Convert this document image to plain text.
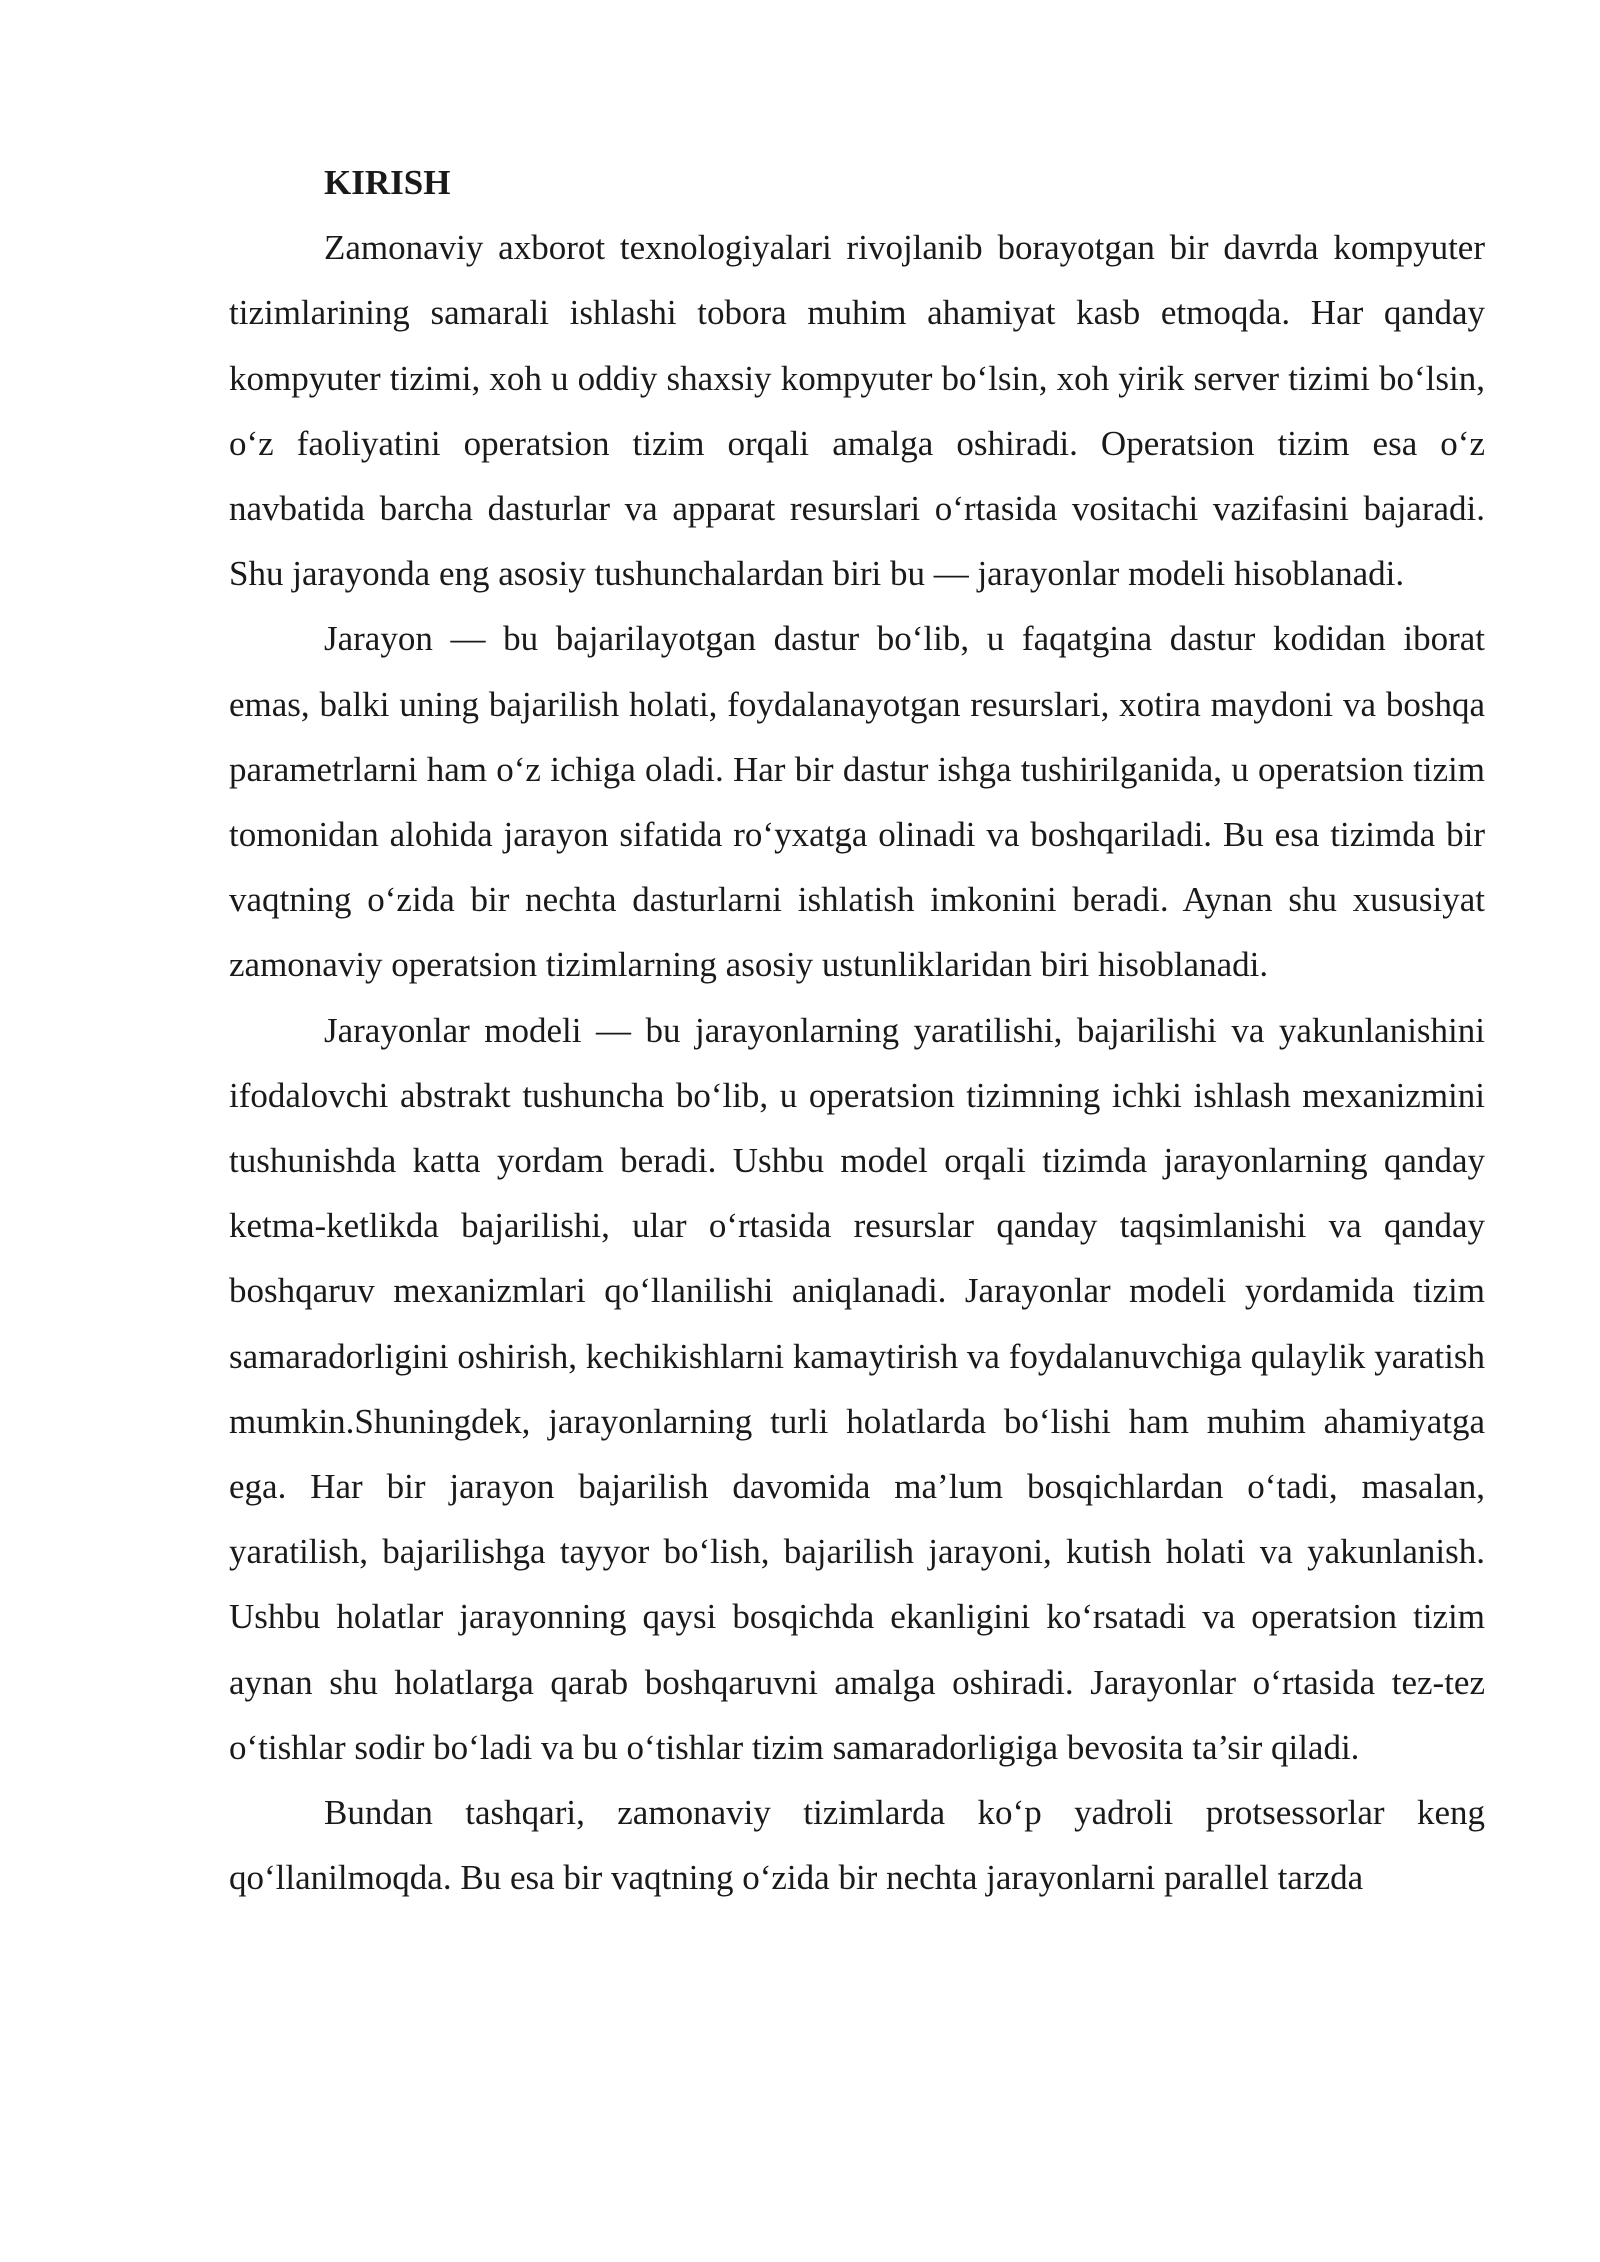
KIRISH

Zamonaviy axborot texnologiyalari rivojlanib borayotgan bir davrda kompyuter tizimlarining samarali ishlashi tobora muhim ahamiyat kasb etmoqda. Har qanday kompyuter tizimi, xoh u oddiy shaxsiy kompyuter bo‘lsin, xoh yirik server tizimi bo‘lsin, o‘z faoliyatini operatsion tizim orqali amalga oshiradi. Operatsion tizim esa o‘z navbatida barcha dasturlar va apparat resurslari o‘rtasida vositachi vazifasini bajaradi. Shu jarayonda eng asosiy tushunchalardan biri bu — jarayonlar modeli hisoblanadi.

Jarayon — bu bajarilayotgan dastur bo‘lib, u faqatgina dastur kodidan iborat emas, balki uning bajarilish holati, foydalanayotgan resurslari, xotira maydoni va boshqa parametrlarni ham o‘z ichiga oladi. Har bir dastur ishga tushirilganida, u operatsion tizim tomonidan alohida jarayon sifatida ro‘yxatga olinadi va boshqariladi. Bu esa tizimda bir vaqtning o‘zida bir nechta dasturlarni ishlatish imkonini beradi. Aynan shu xususiyat zamonaviy operatsion tizimlarning asosiy ustunliklaridan biri hisoblanadi.

Jarayonlar modeli — bu jarayonlarning yaratilishi, bajarilishi va yakunlanishini ifodalovchi abstrakt tushuncha bo‘lib, u operatsion tizimning ichki ishlash mexanizmini tushunishda katta yordam beradi. Ushbu model orqali tizimda jarayonlarning qanday ketma-ketlikda bajarilishi, ular o‘rtasida resurslar qanday taqsimlanishi va qanday boshqaruv mexanizmlari qo‘llanilishi aniqlanadi. Jarayonlar modeli yordamida tizim samaradorligini oshirish, kechikishlarni kamaytirish va foydalanuvchiga qulaylik yaratish mumkin.Shuningdek, jarayonlarning turli holatlarda bo‘lishi ham muhim ahamiyatga ega. Har bir jarayon bajarilish davomida ma’lum bosqichlardan o‘tadi, masalan, yaratilish, bajarilishga tayyor bo‘lish, bajarilish jarayoni, kutish holati va yakunlanish. Ushbu holatlar jarayonning qaysi bosqichda ekanligini ko‘rsatadi va operatsion tizim aynan shu holatlarga qarab boshqaruvni amalga oshiradi. Jarayonlar o‘rtasida tez-tez o‘tishlar sodir bo‘ladi va bu o‘tishlar tizim samaradorligiga bevosita ta’sir qiladi.

Bundan tashqari, zamonaviy tizimlarda ko‘p yadroli protsessorlar keng qo‘llanilmoqda. Bu esa bir vaqtning o‘zida bir nechta jarayonlarni parallel tarzda
